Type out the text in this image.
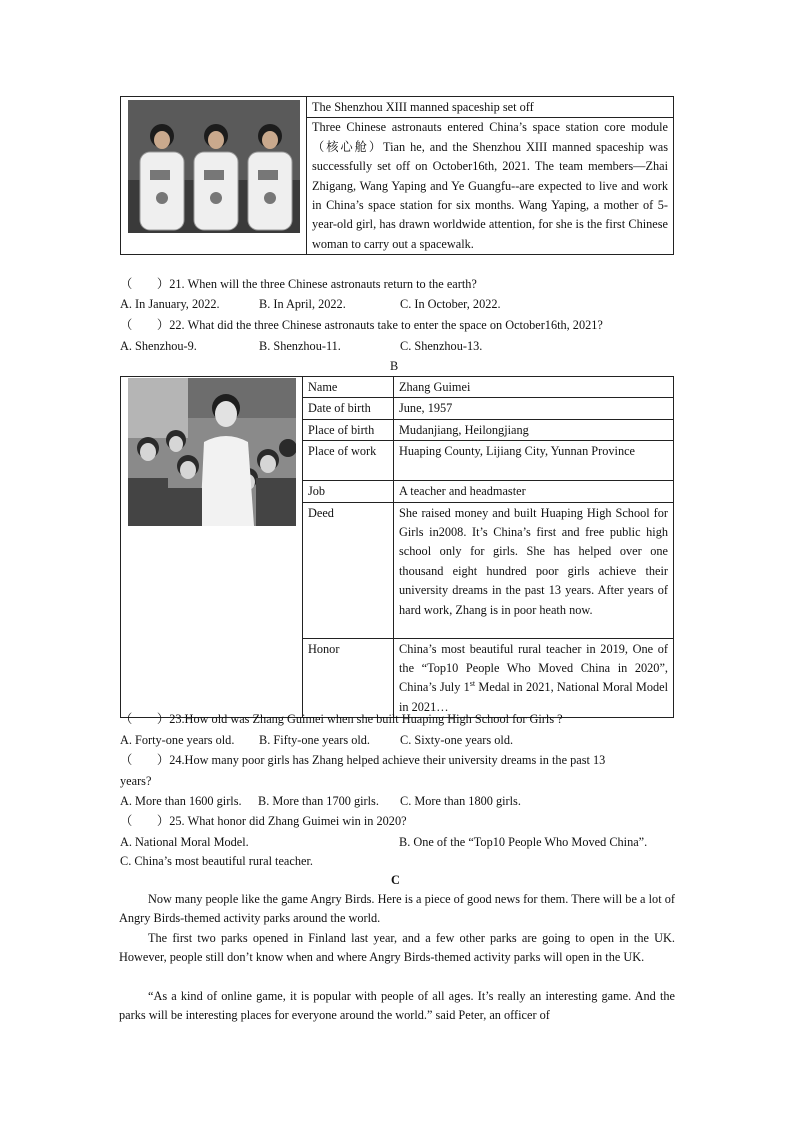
	The Shenzhou XIII manned spaceship set off
Three Chinese astronauts entered China’s space station core module（核心舱）Tian he, and the Shenzhou XIII manned spaceship was successfully set off on October16th, 2021. The team members—Zhai Zhigang, Wang Yaping and Ye Guangfu--are expected to live and work in China’s space station for six months. Wang Yaping, a mother of 5-year-old girl, has drawn worldwide attention, for she is the first Chinese woman to carry out a spacewalk.
（　　）21. When will the three Chinese astronauts return to the earth?
A. In January, 2022.	B. In April, 2022.	C. In October, 2022.
（　　）22. What did the three Chinese astronauts take to enter the space on October16th, 2021?
A. Shenzhou-9.	B. Shenzhou-11.	C. Shenzhou-13.
B
	Name	Zhang Guimei
	Date of birth	June, 1957
	Place of birth	Mudanjiang, Heilongjiang
	Place of work	Huaping County, Lijiang City, Yunnan Province
	Job	A teacher and headmaster
	Deed	She raised money and built Huaping High School for Girls in2008. It’s China’s first and free public high school only for girls. She has helped over one thousand eight hundred poor girls achieve their university dreams in the past 13 years. After years of hard work, Zhang is in poor heath now.
	Honor	China’s most beautiful rural teacher in 2019, One of the “Top10 People Who Moved China in 2020”, China’s July 1st Medal in 2021, National Moral Model in 2021…
（　　）23.How old was Zhang Guimei when she built Huaping High School for Girls ?
A. Forty-one years old. B. Fifty-one years old. C. Sixty-one years old.
（　　）24.How many poor girls has Zhang helped achieve their university dreams in the past 13
years?
A. More than 1600 girls. B. More than 1700 girls. C. More than 1800 girls.
（　　）25. What honor did Zhang Guimei win in 2020?
A. National Moral Model.	B. One of the “Top10 People Who Moved China”.
C. China’s most beautiful rural teacher.
C
Now many people like the game Angry Birds. Here is a piece of good news for them. There will be a lot of Angry Birds-themed activity parks around the world.
The first two parks opened in Finland last year, and a few other parks are going to open in the UK. However, people still don’t know when and where Angry Birds-themed activity parks will open in the UK.
“As a kind of online game, it is popular with people of all ages. It’s really an interesting game. And the parks will be interesting places for everyone around the world.” said Peter, an officer of
